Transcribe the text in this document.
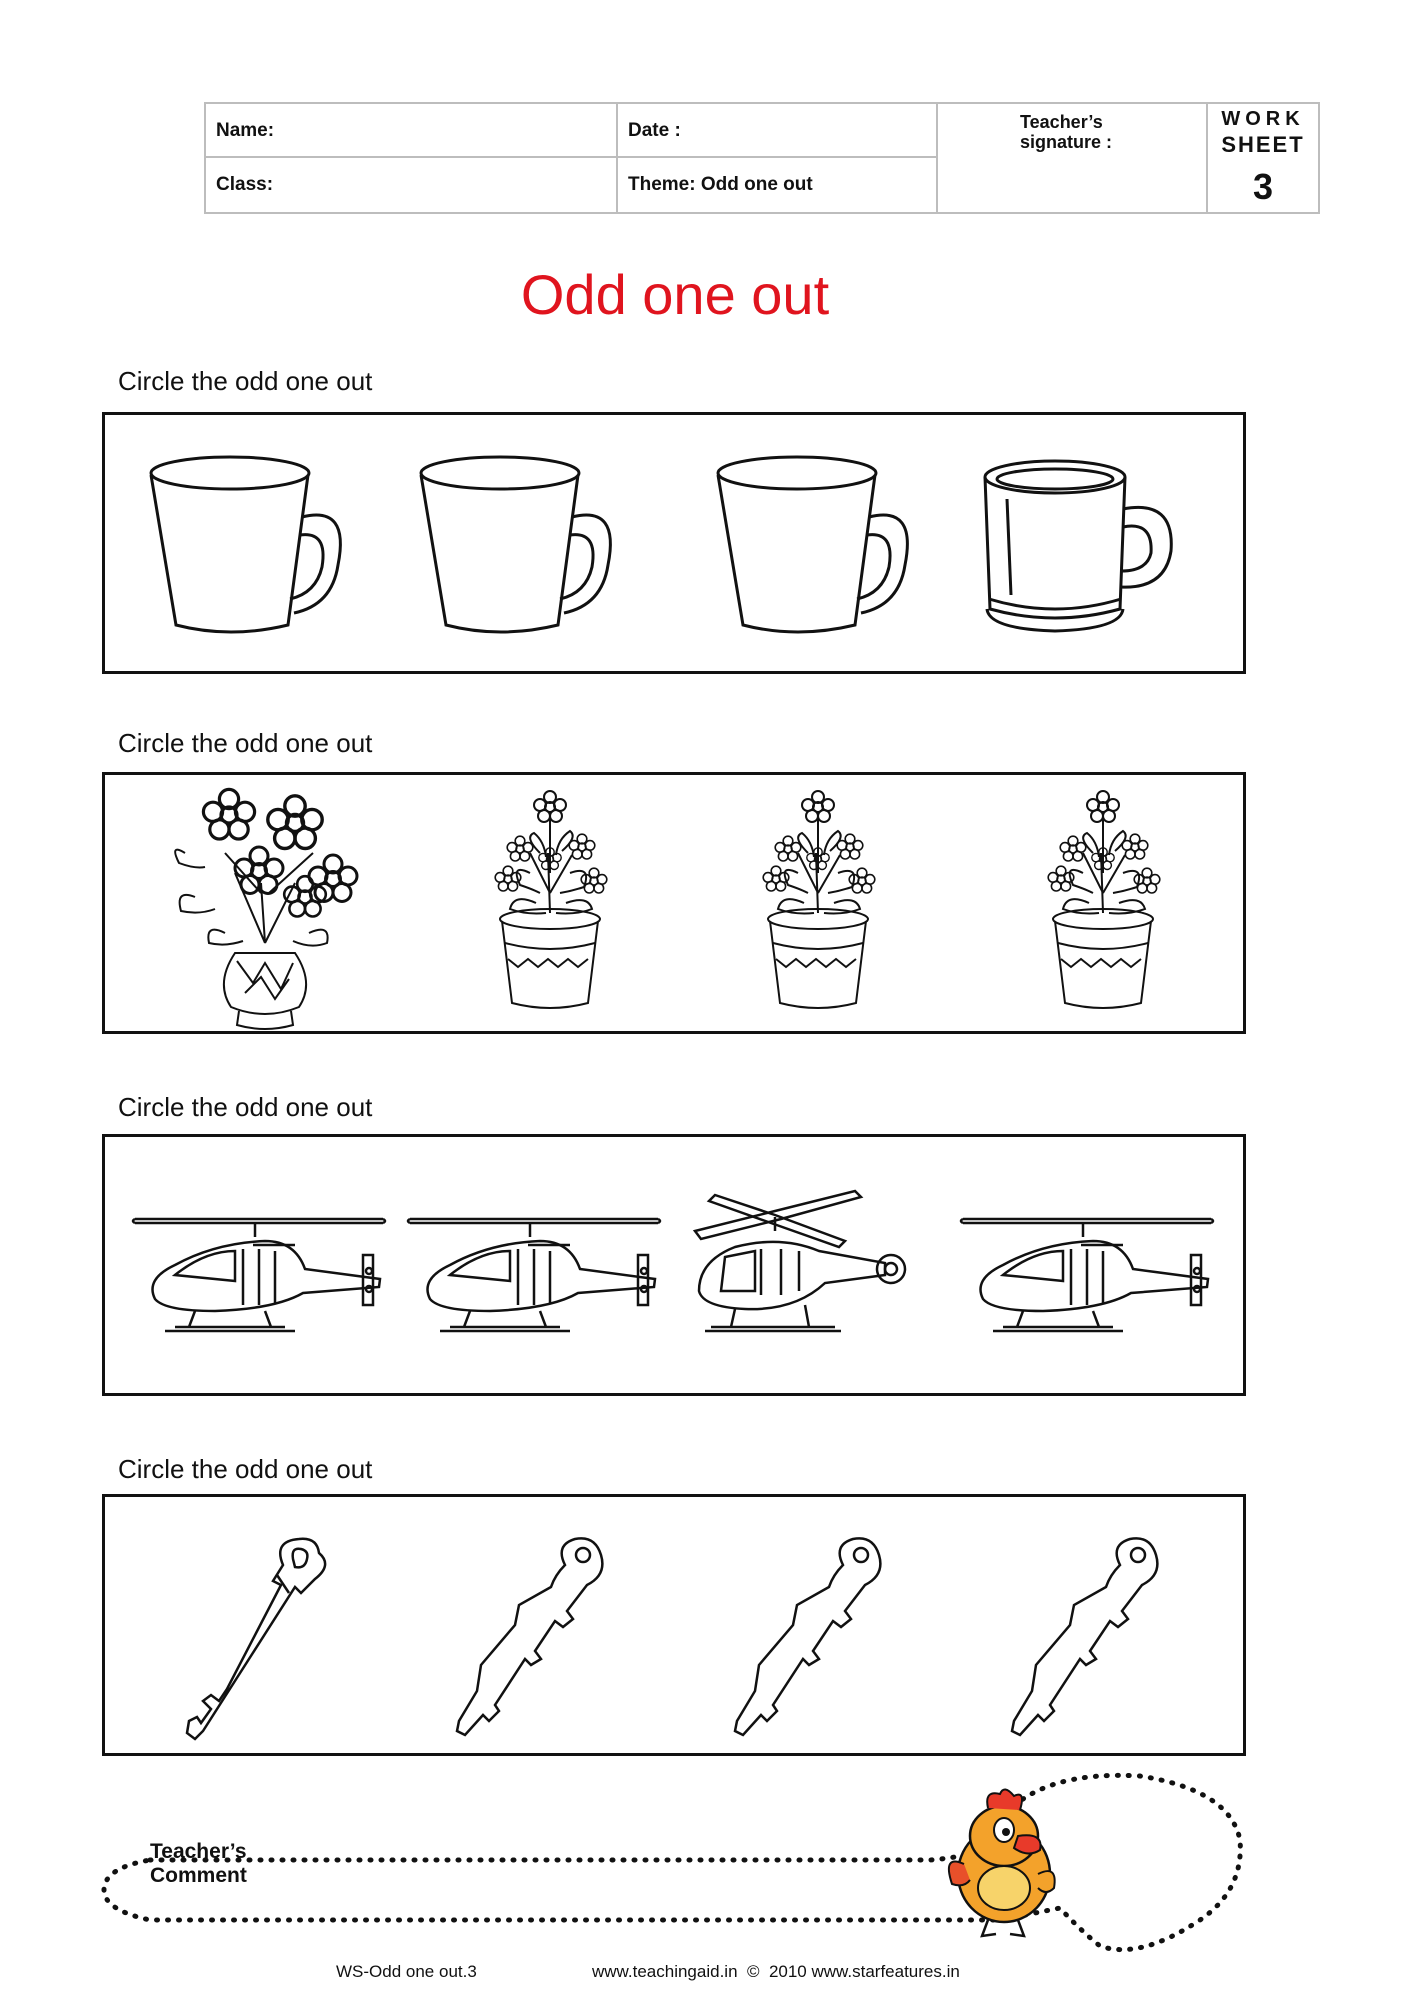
Name:	Date :
Class:	Theme: Odd one out
Teacher’s
signature :
WORK
SHEET
3
Odd one out
Circle the odd one out
Circle the odd one out
Circle the odd one out
Circle the odd one out
Teacher’s
Comment
WS-Odd one out.3	www.teachingaid.in  ©  2010 www.starfeatures.in
